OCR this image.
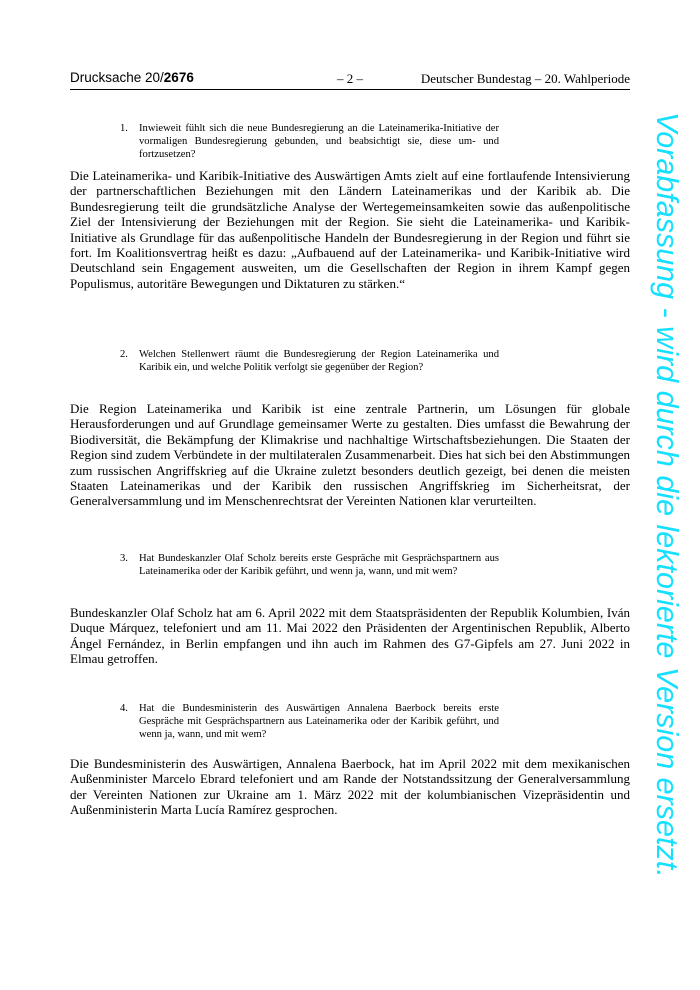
Drucksache 20/2676	– 2 –	Deutscher Bundestag – 20. Wahlperiode
1. Inwieweit fühlt sich die neue Bundesregierung an die Lateinamerika-Initiative der vormaligen Bundesregierung gebunden, und beabsichtigt sie, diese um- und fortzusetzen?
Die Lateinamerika- und Karibik-Initiative des Auswärtigen Amts zielt auf eine fortlaufende Intensivierung der partnerschaftlichen Beziehungen mit den Ländern Lateinamerikas und der Karibik ab. Die Bundesregierung teilt die grundsätzliche Analyse der Wertegemeinsamkeiten sowie das außenpolitische Ziel der Intensivierung der Beziehungen mit der Region. Sie sieht die Lateinamerika- und Karibik-Initiative als Grundlage für das außenpolitische Handeln der Bundesregierung in der Region und führt sie fort. Im Koalitionsvertrag heißt es dazu: „Aufbauend auf der Lateinamerika- und Karibik-Initiative wird Deutschland sein Engagement ausweiten, um die Gesellschaften der Region in ihrem Kampf gegen Populismus, autoritäre Bewegungen und Diktaturen zu stärken.“
2. Welchen Stellenwert räumt die Bundesregierung der Region Lateinamerika und Karibik ein, und welche Politik verfolgt sie gegenüber der Region?
Die Region Lateinamerika und Karibik ist eine zentrale Partnerin, um Lösungen für globale Herausforderungen und auf Grundlage gemeinsamer Werte zu gestalten. Dies umfasst die Bewahrung der Biodiversität, die Bekämpfung der Klimakrise und nachhaltige Wirtschaftsbeziehungen. Die Staaten der Region sind zudem Verbündete in der multilateralen Zusammenarbeit. Dies hat sich bei den Abstimmungen zum russischen Angriffskrieg auf die Ukraine zuletzt besonders deutlich gezeigt, bei denen die meisten Staaten Lateinamerikas und der Karibik den russischen Angriffskrieg im Sicherheitsrat, der Generalversammlung und im Menschenrechtsrat der Vereinten Nationen klar verurteilten.
3. Hat Bundeskanzler Olaf Scholz bereits erste Gespräche mit Gesprächspartnern aus Lateinamerika oder der Karibik geführt, und wenn ja, wann, und mit wem?
Bundeskanzler Olaf Scholz hat am 6. April 2022 mit dem Staatspräsidenten der Republik Kolumbien, Iván Duque Márquez, telefoniert und am 11. Mai 2022 den Präsidenten der Argentinischen Republik, Alberto Ángel Fernández, in Berlin empfangen und ihn auch im Rahmen des G7-Gipfels am 27. Juni 2022 in Elmau getroffen.
4. Hat die Bundesministerin des Auswärtigen Annalena Baerbock bereits erste Gespräche mit Gesprächspartnern aus Lateinamerika oder der Karibik geführt, und wenn ja, wann, und mit wem?
Die Bundesministerin des Auswärtigen, Annalena Baerbock, hat im April 2022 mit dem mexikanischen Außenminister Marcelo Ebrard telefoniert und am Rande der Notstandssitzung der Generalversammlung der Vereinten Nationen zur Ukraine am 1. März 2022 mit der kolumbianischen Vizepräsidentin und Außenministerin Marta Lucía Ramírez gesprochen.	Vorabfassung - wird durch die lektorierte Version ersetzt.
